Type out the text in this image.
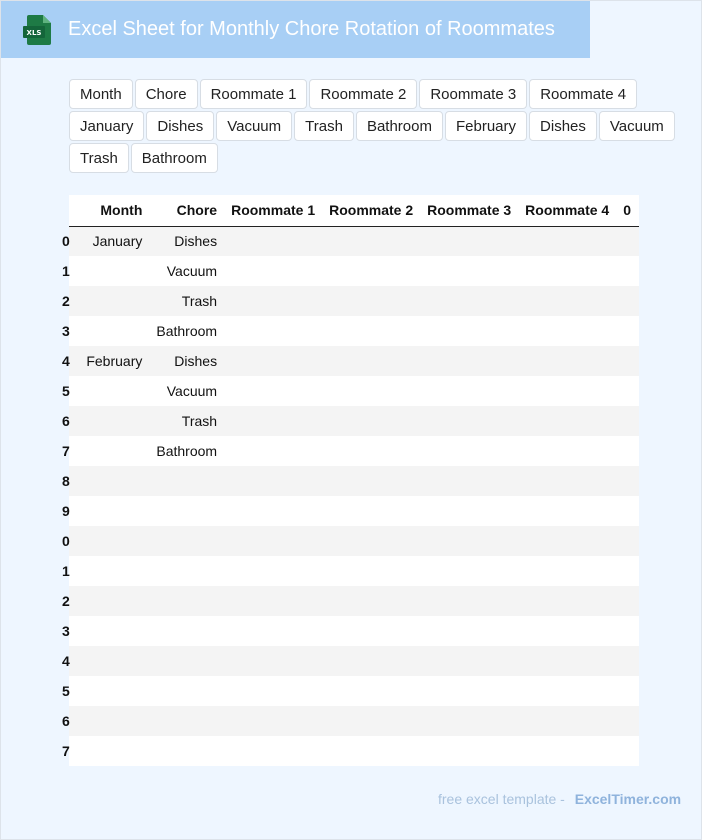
XLS Excel Sheet for Monthly Chore Rotation of Roommates
Month	Chore	Roommate 1	Roommate 2	Roommate 3	Roommate 4
January	Dishes	Vacuum	Trash	Bathroom	February	Dishes	Vacuum
Trash	Bathroom
	Month	Chore	Roommate 1	Roommate 2	Roommate 3	Roommate 4	0
0	January	Dishes					
1		Vacuum					
2		Trash					
3		Bathroom					
4	February	Dishes					
5		Vacuum					
6		Trash					
7		Bathroom					
8							
9							
0							
1							
2							
3							
4							
5							
6							
7							
free excel template - ExcelTimer.com
